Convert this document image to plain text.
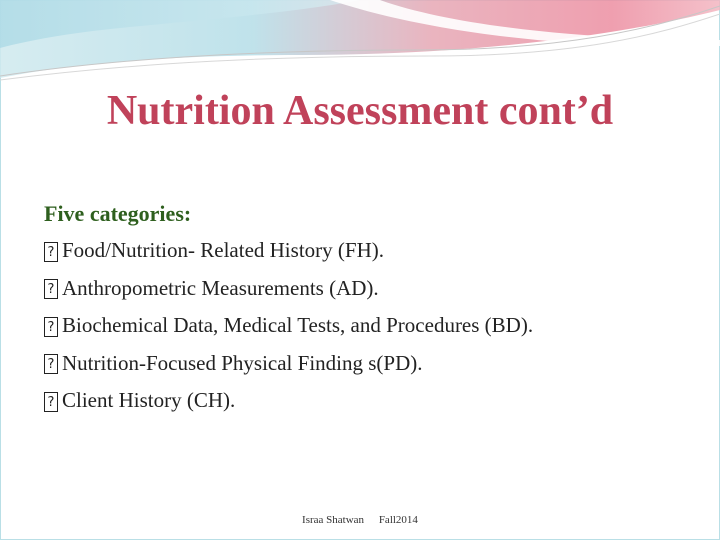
Nutrition Assessment cont’d
Five categories:
? Food/Nutrition- Related History (FH).
? Anthropometric Measurements (AD).
? Biochemical Data, Medical Tests, and Procedures (BD).
? Nutrition-Focused Physical Finding s(PD).
? Client History (CH).
Israa Shatwan Fall2014
